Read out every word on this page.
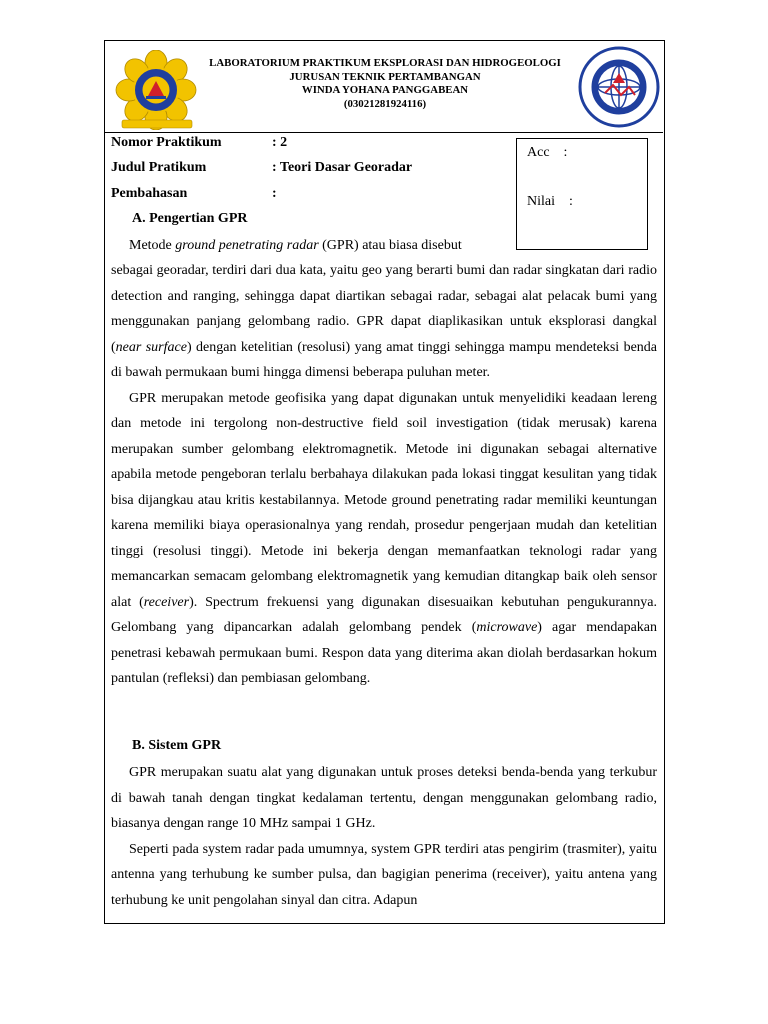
LABORATORIUM PRAKTIKUM EKSPLORASI DAN HIDROGEOLOGI
JURUSAN TEKNIK PERTAMBANGAN
WINDA YOHANA PANGGABEAN
(03021281924116)
Nomor Praktikum	: 2
Judul Pratikum	: Teori Dasar Georadar
Pembahasan	:
Acc :
Nilai :
A. Pengertian GPR

Metode ground penetrating radar (GPR) atau biasa disebut

sebagai georadar, terdiri dari dua kata, yaitu geo yang berarti bumi dan radar singkatan dari radio detection and ranging, sehingga dapat diartikan sebagai radar, sebagai alat pelacak bumi yang menggunakan panjang gelombang radio. GPR dapat diaplikasikan untuk eksplorasi dangkal (near surface) dengan ketelitian (resolusi) yang amat tinggi sehingga mampu mendeteksi benda di bawah permukaan bumi hingga dimensi beberapa puluhan meter.

GPR merupakan metode geofisika yang dapat digunakan untuk menyelidiki keadaan lereng dan metode ini tergolong non-destructive field soil investigation (tidak merusak) karena merupakan sumber gelombang elektromagnetik. Metode ini digunakan sebagai alternative apabila metode pengeboran terlalu berbahaya dilakukan pada lokasi tinggat kesulitan yang tidak bisa dijangkau atau kritis kestabilannya. Metode ground penetrating radar memiliki keuntungan karena memiliki biaya operasionalnya yang rendah, prosedur pengerjaan mudah dan ketelitian tinggi (resolusi tinggi). Metode ini bekerja dengan memanfaatkan teknologi radar yang memancarkan semacam gelombang elektromagnetik yang kemudian ditangkap baik oleh sensor alat (receiver). Spectrum frekuensi yang digunakan disesuaikan kebutuhan pengukurannya. Gelombang yang dipancarkan adalah gelombang pendek (microwave) agar mendapakan penetrasi kebawah permukaan bumi. Respon data yang diterima akan diolah berdasarkan hokum pantulan (refleksi) dan pembiasan gelombang.

B. Sistem GPR

GPR merupakan suatu alat yang digunakan untuk proses deteksi benda-benda yang terkubur di bawah tanah dengan tingkat kedalaman tertentu, dengan menggunakan gelombang radio, biasanya dengan range 10 MHz sampai 1 GHz.

Seperti pada system radar pada umumnya, system GPR terdiri atas pengirim (trasmiter), yaitu antenna yang terhubung ke sumber pulsa, dan bagigian penerima (receiver), yaitu antena yang terhubung ke unit pengolahan sinyal dan citra. Adapun
